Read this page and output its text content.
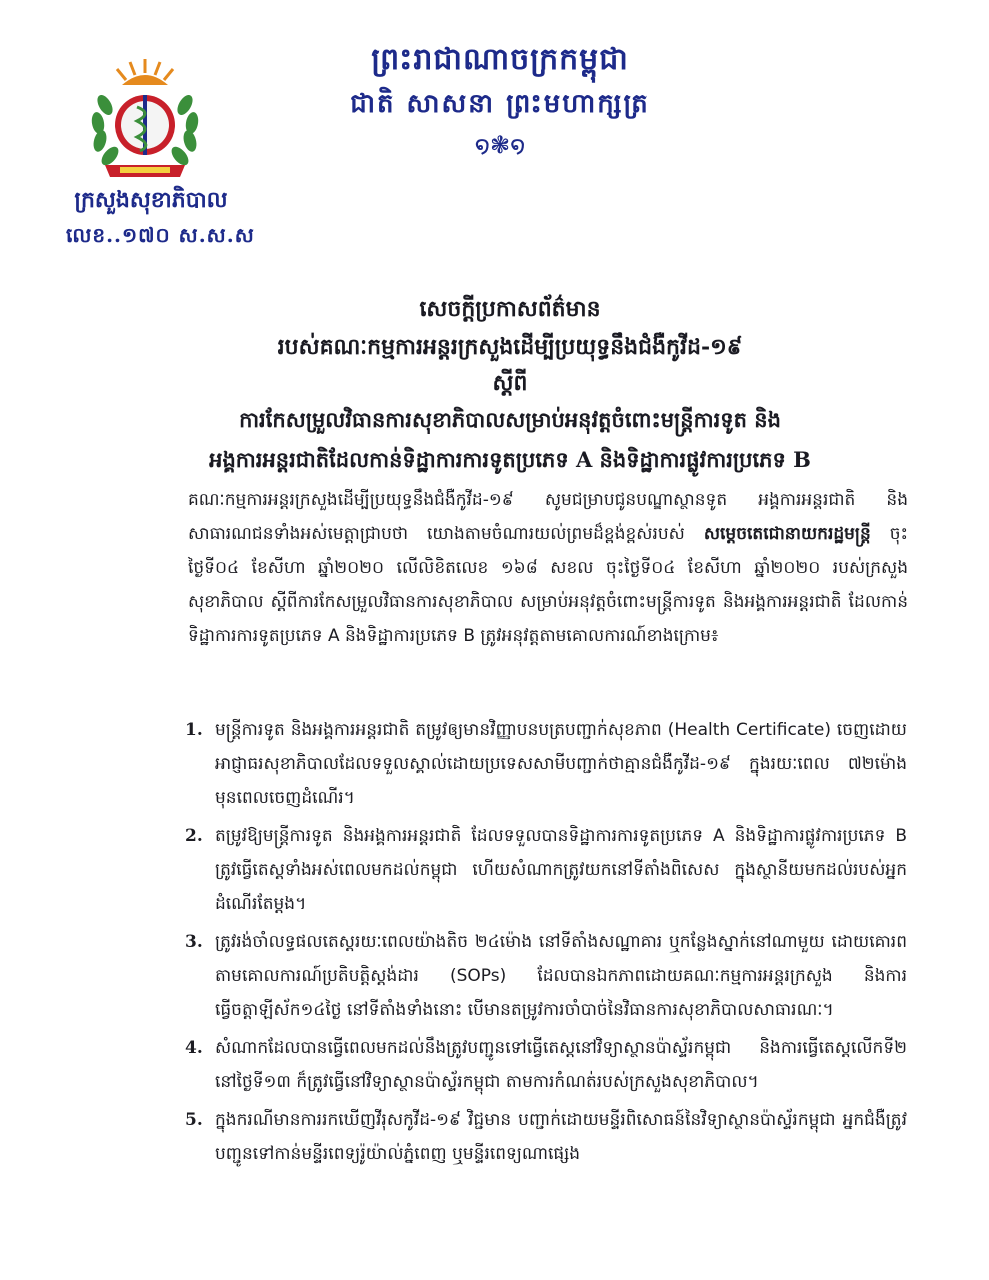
ក្រសួងសុខាភិបាល
លេខ..១៧០ ស.ស.ស
ព្រះរាជាណាចក្រកម្ពុជា
ជាតិ សាសនា ព្រះមហាក្សត្រ
໑❃໑
សេចក្តីប្រកាសព័ត៌មាន
របស់គណៈកម្មការអន្តរក្រសួងដើម្បីប្រយុទ្ធនឹងជំងឺកូវីដ-១៩
ស្តីពី
ការកែសម្រួលវិធានការសុខាភិបាលសម្រាប់អនុវត្តចំពោះមន្ត្រីការទូត និង
អង្គការអន្តរជាតិដែលកាន់ទិដ្ឋាការការទូតប្រភេទ A និងទិដ្ឋាការផ្លូវការប្រភេទ B
គណៈកម្មការអន្តរក្រសួងដើម្បីប្រយុទ្ធនឹងជំងឺកូវីដ-១៩ សូមជម្រាបជូនបណ្ឌាស្ថានទូត អង្គការអន្តរជាតិ និងសាធារណជនទាំងអស់មេត្តាជ្រាបថា យោងតាមចំណារយល់ព្រមដ៏ខ្ពង់ខ្ពស់របស់ សម្តេចតេជោនាយករដ្ឋមន្ត្រី ចុះថ្ងៃទី០៤ ខែសីហា ឆ្នាំ២០២០ លើលិខិតលេខ ១៦៨ សខល ចុះថ្ងៃទី០៤ ខែសីហា ឆ្នាំ២០២០ របស់ក្រសួងសុខាភិបាល ស្តីពីការកែសម្រួលវិធានការសុខាភិបាល សម្រាប់អនុវត្តចំពោះមន្ត្រីការទូត និងអង្គការអន្តរជាតិ ដែលកាន់ទិដ្ឋាការការទូតប្រភេទ A និងទិដ្ឋាការប្រភេទ B ត្រូវអនុវត្តតាមគោលការណ៍ខាងក្រោម៖
1. មន្ត្រីការទូត និងអង្គការអន្តរជាតិ តម្រូវឲ្យមានវិញ្ញាបនបត្របញ្ជាក់សុខភាព (Health Certificate) ចេញដោយអាជ្ញាធរសុខាភិបាលដែលទទួលស្គាល់ដោយប្រទេសសាមីបញ្ជាក់ថាគ្មានជំងឺកូវីដ-១៩ ក្នុងរយៈពេល ៧២ម៉ោង មុនពេលចេញដំណើរ។
2. តម្រូវឱ្យមន្ត្រីការទូត និងអង្គការអន្តរជាតិ ដែលទទួលបានទិដ្ឋាការការទូតប្រភេទ A និងទិដ្ឋាការផ្លូវការប្រភេទ B ត្រូវធ្វើតេស្តទាំងអស់ពេលមកដល់កម្ពុជា ហើយសំណាកត្រូវយកនៅទីតាំងពិសេស ក្នុងស្ថានីយមកដល់របស់អ្នកដំណើរតែម្តង។
3. ត្រូវរង់ចាំលទ្ធផលតេស្តរយៈពេលយ៉ាងតិច ២៤ម៉ោង នៅទីតាំងសណ្ឋាគារ ឬកន្លែងស្នាក់នៅណាមួយ ដោយគោរពតាមគោលការណ៍ប្រតិបត្តិស្តង់ដារ (SOPs) ដែលបានឯកភាពដោយគណៈកម្មការអន្តរក្រសួង និងការធ្វើចត្តាឡីស័ក១៤ថ្ងៃ នៅទីតាំងទាំងនោះ បើមានតម្រូវការចាំបាច់នៃវិធានការសុខាភិបាលសាធារណៈ។
4. សំណាកដែលបានធ្វើពេលមកដល់នឹងត្រូវបញ្ជូនទៅធ្វើតេស្តនៅវិទ្យាស្ថានប៉ាស្ទ័រកម្ពុជា និងការធ្វើតេស្តលើកទី២ នៅថ្ងៃទី១៣ ក៏ត្រូវធ្វើនៅវិទ្យាស្ថានប៉ាស្ទ័រកម្ពុជា តាមការកំណត់របស់ក្រសួងសុខាភិបាល។
5. ក្នុងករណីមានការរកឃើញវីរុសកូវីដ-១៩ វិជ្ជមាន បញ្ជាក់ដោយមន្ទីរពិសោធន៍នៃវិទ្យាស្ថានប៉ាស្ទ័រកម្ពុជា អ្នកជំងឺត្រូវបញ្ជូនទៅកាន់មន្ទីរពេទ្យរ៉ូយ៉ាល់ភ្នំពេញ ឬមន្ទីរពេទ្យណាផ្សេង
